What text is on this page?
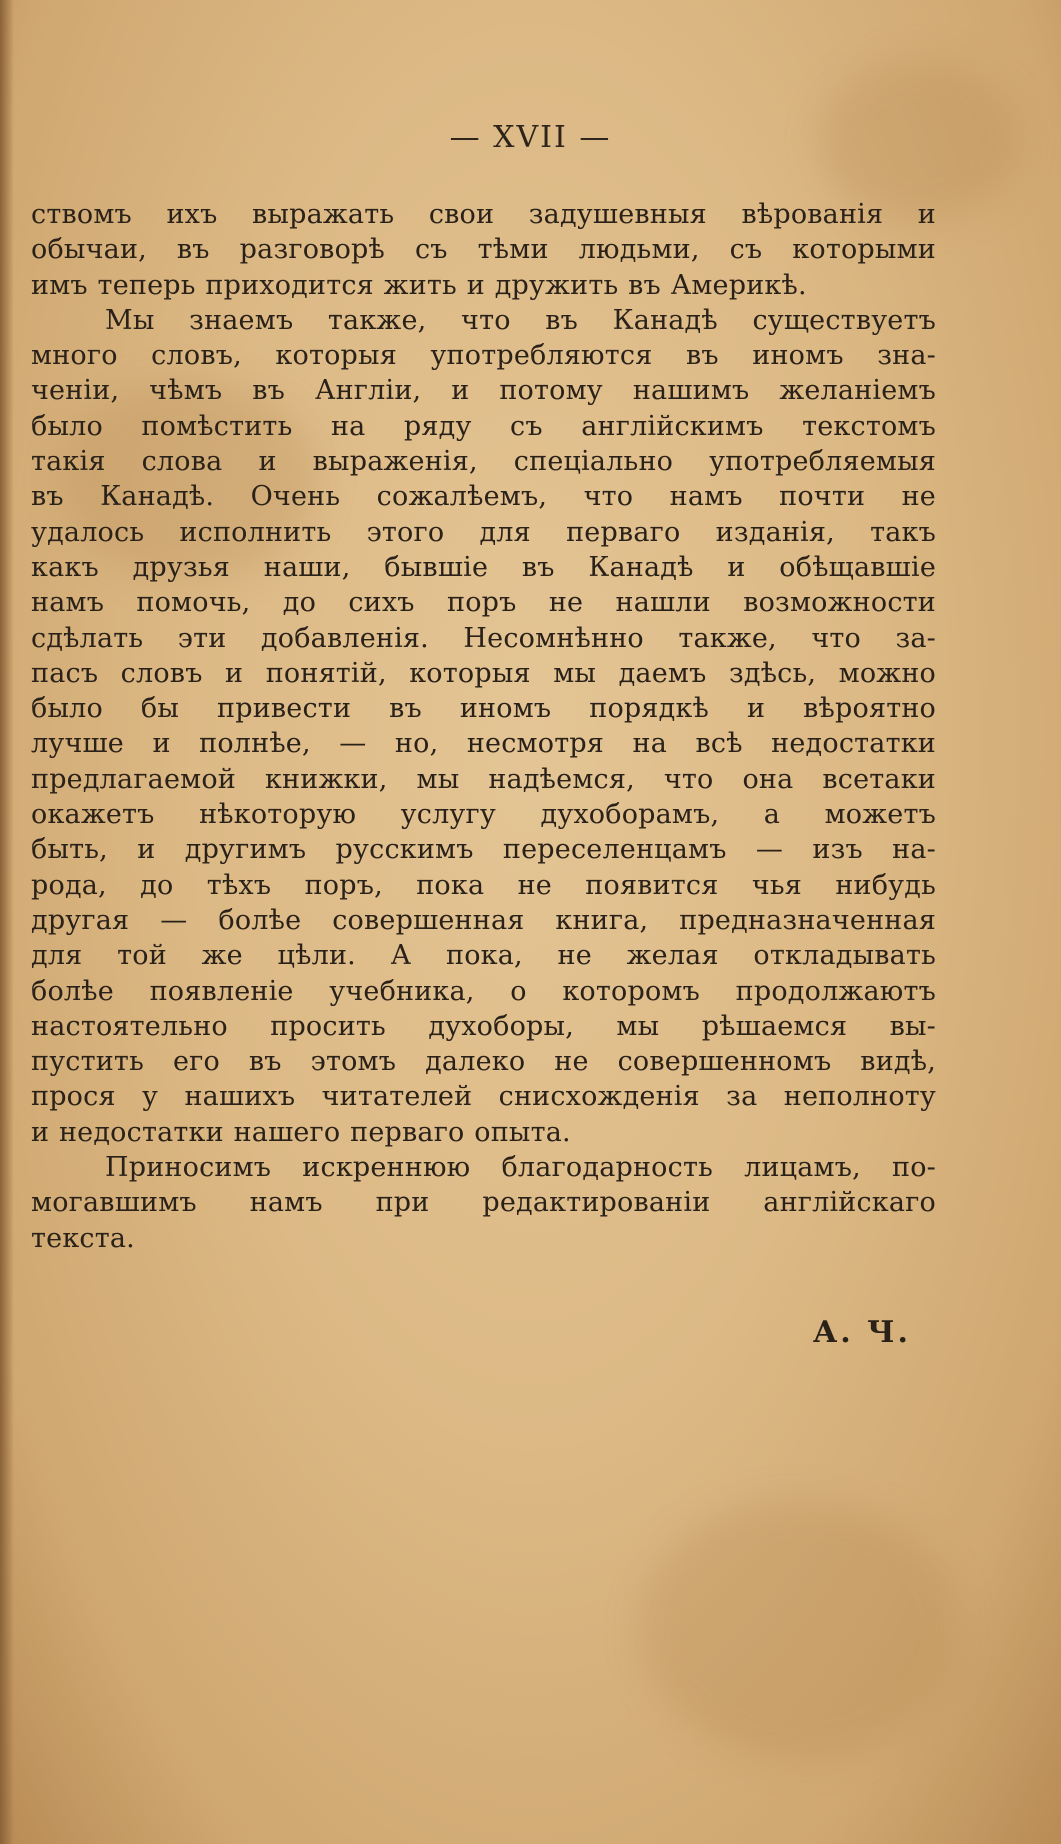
— XVII —
ствомъ ихъ выражать свои задушевныя вѣрованія и
обычаи, въ разговорѣ съ тѣми людьми, съ которыми
имъ теперь приходится жить и дружить въ Америкѣ.
Мы знаемъ также, что въ Канадѣ существуетъ
много словъ, которыя употребляются въ иномъ зна-
ченіи, чѣмъ въ Англіи, и потому нашимъ желаніемъ
было помѣстить на ряду съ англійскимъ текстомъ
такія слова и выраженія, спеціально употребляемыя
въ Канадѣ. Очень сожалѣемъ, что намъ почти не
удалось исполнить этого для перваго изданія, такъ
какъ друзья наши, бывшіе въ Канадѣ и обѣщавшіе
намъ помочь, до сихъ поръ не нашли возможности
сдѣлать эти добавленія. Несомнѣнно также, что за-
пасъ словъ и понятій, которыя мы даемъ здѣсь, можно
было бы привести въ иномъ порядкѣ и вѣроятно
лучше и полнѣе, — но, несмотря на всѣ недостатки
предлагаемой книжки, мы надѣемся, что она всетаки
окажетъ нѣкоторую услугу духоборамъ, а можетъ
быть, и другимъ русскимъ переселенцамъ — изъ на-
рода, до тѣхъ поръ, пока не появится чья нибудь
другая — болѣе совершенная книга, предназначенная
для той же цѣли. А пока, не желая откладывать
болѣе появленіе учебника, о которомъ продолжаютъ
настоятельно просить духоборы, мы рѣшаемся вы-
пустить его въ этомъ далеко не совершенномъ видѣ,
прося у нашихъ читателей снисхожденія за неполноту
и недостатки нашего перваго опыта.
Приносимъ искреннюю благодарность лицамъ, по-
могавшимъ намъ при редактированіи англійскаго
текста.
А. Ч.
